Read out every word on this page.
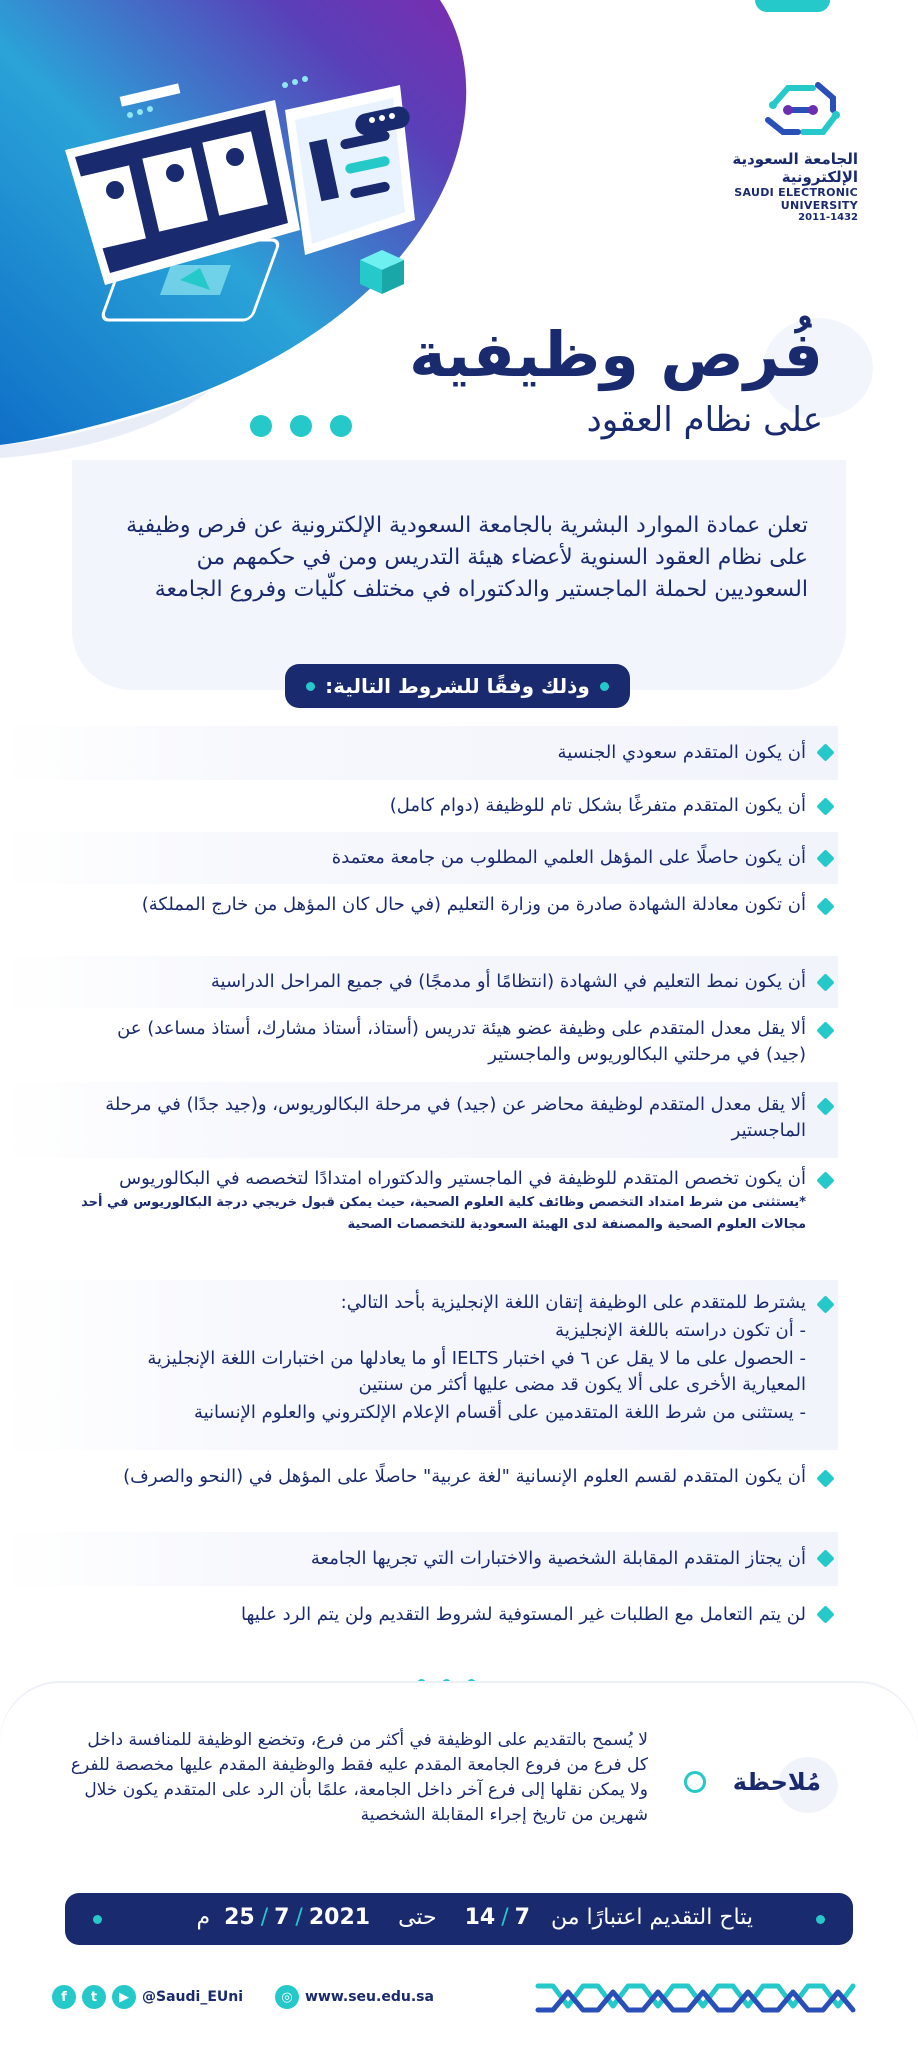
الجامعة السعودية الإلكترونية
SAUDI ELECTRONIC UNIVERSITY
2011-1432
فُرص وظيفية
على نظام العقود
تعلن عمادة الموارد البشرية بالجامعة السعودية الإلكترونية عن فرص وظيفية على نظام العقود السنوية لأعضاء هيئة التدريس ومن في حكمهم من السعوديين لحملة الماجستير والدكتوراه في مختلف كلّيات وفروع الجامعة
وذلك وفقًا للشروط التالية:
أن يكون المتقدم سعودي الجنسية
أن يكون المتقدم متفرغًا بشكل تام للوظيفة (دوام كامل)
أن يكون حاصلًا على المؤهل العلمي المطلوب من جامعة معتمدة
أن تكون معادلة الشهادة صادرة من وزارة التعليم (في حال كان المؤهل من خارج المملكة)
أن يكون نمط التعليم في الشهادة (انتظامًا أو مدمجًا) في جميع المراحل الدراسية
ألا يقل معدل المتقدم على وظيفة عضو هيئة تدريس (أستاذ، أستاذ مشارك، أستاذ مساعد) عن (جيد) في مرحلتي البكالوريوس والماجستير
ألا يقل معدل المتقدم لوظيفة محاضر عن (جيد) في مرحلة البكالوريوس، و(جيد جدًا) في مرحلة الماجستير
أن يكون تخصص المتقدم للوظيفة في الماجستير والدكتوراه امتدادًا لتخصصه في البكالوريوس
*يستثنى من شرط امتداد التخصص وظائف كلية العلوم الصحية، حيث يمكن قبول خريجي درجة البكالوريوس في أحد مجالات العلوم الصحية والمصنفة لدى الهيئة السعودية للتخصصات الصحية
يشترط للمتقدم على الوظيفة إتقان اللغة الإنجليزية بأحد التالي:
- أن تكون دراسته باللغة الإنجليزية
- الحصول على ما لا يقل عن ٦ في اختبار IELTS أو ما يعادلها من اختبارات اللغة الإنجليزية المعيارية الأخرى على ألا يكون قد مضى عليها أكثر من سنتين
- يستثنى من شرط اللغة المتقدمين على أقسام الإعلام الإلكتروني والعلوم الإنسانية
أن يكون المتقدم لقسم العلوم الإنسانية "لغة عربية" حاصلًا على المؤهل في (النحو والصرف)
أن يجتاز المتقدم المقابلة الشخصية والاختبارات التي تجريها الجامعة
لن يتم التعامل مع الطلبات غير المستوفية لشروط التقديم ولن يتم الرد عليها
مُلاحظة
لا يُسمح بالتقديم على الوظيفة في أكثر من فرع، وتخضع الوظيفة للمنافسة داخل كل فرع من فروع الجامعة المقدم عليه فقط والوظيفة المقدم عليها مخصصة للفرع ولا يمكن نقلها إلى فرع آخر داخل الجامعة، علمًا بأن الرد على المتقدم يكون خلال شهرين من تاريخ إجراء المقابلة الشخصية
يتاح التقديم اعتبارًا من   14 / 7    حتى    25 / 7 / 2021  م
f	t	▶ @Saudi_EUni	◎ www.seu.edu.sa
